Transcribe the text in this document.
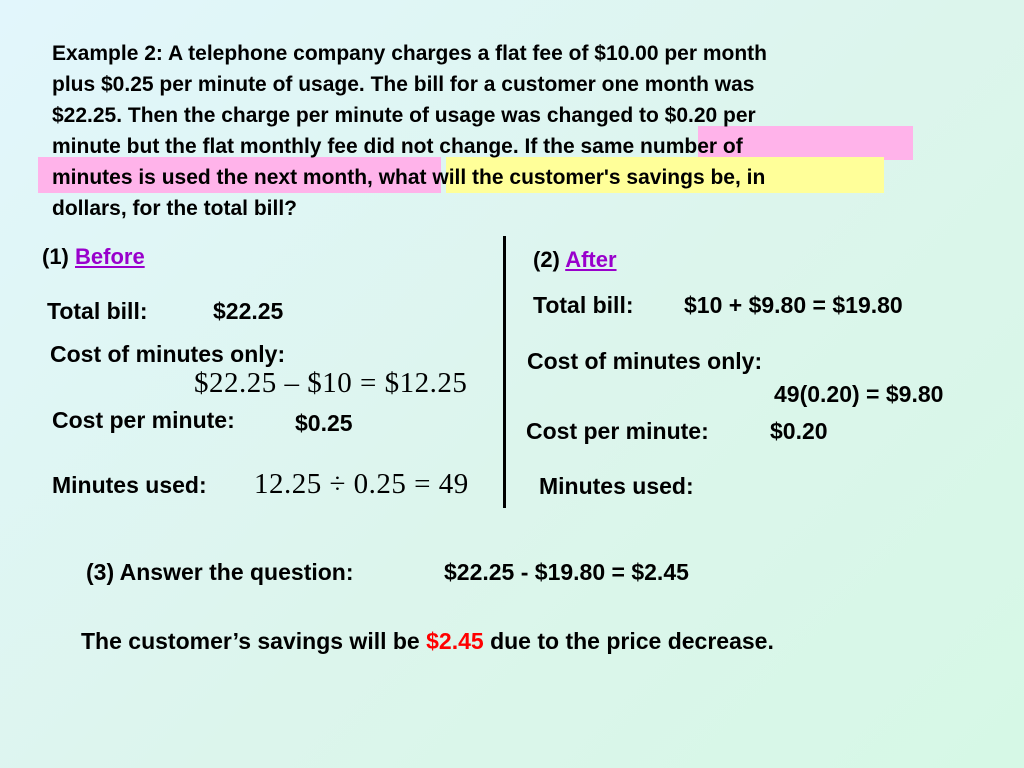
Example 2: A telephone company charges a flat fee of $10.00 per month
plus $0.25 per minute of usage. The bill for a customer one month was
$22.25. Then the charge per minute of usage was changed to $0.20 per
minute but the flat monthly fee did not change. If the same number of
minutes is used the next month, what will the customer's savings be, in
dollars, for the total bill?
(1) Before
Total bill:	$22.25
Cost of minutes only:
$22.25 – $10 = $12.25
Cost per minute:	$0.25
Minutes used: 12.25 ÷ 0.25 = 49
(2) After
Total bill: $10 + $9.80 = $19.80
Cost of minutes only:
49(0.20) = $9.80
Cost per minute:	$0.20
Minutes used:
(3) Answer the question:	$22.25 - $19.80 = $2.45
The customer’s savings will be $2.45 due to the price decrease.
